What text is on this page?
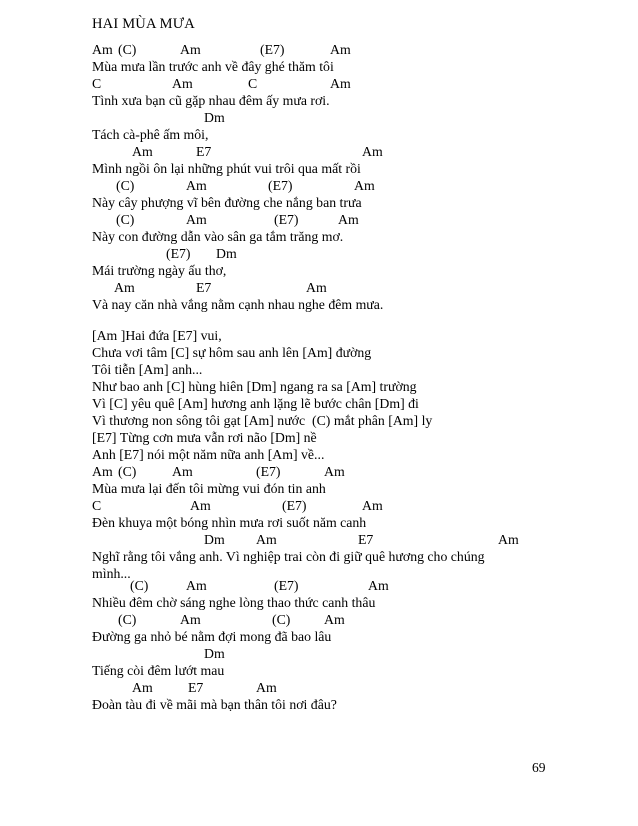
HAI MÙA MƯA

Am

(C)

	Am

	(E7)

	Am

Mùa mưa lần trước anh về đây ghé thăm tôi

C

	Am

	C

	Am

Tình xưa bạn cũ gặp nhau đêm ấy mưa rơi.

Dm

Tách cà-phê ấm môi,

Am

	E7

	Am

Mình ngồi ôn lại những phút vui trôi qua mất rồi

(C)

	Am

	(E7)

	Am

Này cây phượng vĩ bên đường che nắng ban trưa

(C)

	Am

	(E7)

	Am

Này con đường dẫn vào sân ga tắm trăng mơ.

(E7)

Dm

Mái trường ngày ấu thơ,

Am

	E7

	Am

Và nay căn nhà vắng nằm cạnh nhau nghe đêm mưa.
[Am ]Hai đứa [E7] vui,
Chưa vơi tâm [C] sự hôm sau anh lên [Am] đường
Tôi tiễn [Am] anh...
Như bao anh [C] hùng hiên [Dm] ngang ra sa [Am] trường
Vì [C] yêu quê [Am] hương anh lặng lẽ bước chân [Dm] đi
Vì thương non sông tôi gạt [Am] nước  (C) mắt phân [Am] ly
[E7] Từng cơn mưa vẫn rơi não [Dm] nề
Anh [E7] nói một năm nữa anh [Am] về...

Am

(C)

	Am

	(E7)

	Am

Mùa mưa lại đến tôi mừng vui đón tin anh

C

	Am

	(E7)

	Am

Đèn khuya một bóng nhìn mưa rơi suốt năm canh

Dm

Am

	E7

	Am

Nghĩ rằng tôi vắng anh. Vì nghiệp trai còn đi giữ quê hương cho chúng
mình...

(C)

	Am

	(E7)

	Am

Nhiều đêm chờ sáng nghe lòng thao thức canh thâu

(C)

	Am

	(C)

Am

Đường ga nhỏ bé nằm đợi mong đã bao lâu

Dm

Tiếng còi đêm lướt mau

Am

	E7

	Am

Đoàn tàu đi về mãi mà bạn thân tôi nơi đâu?
69
